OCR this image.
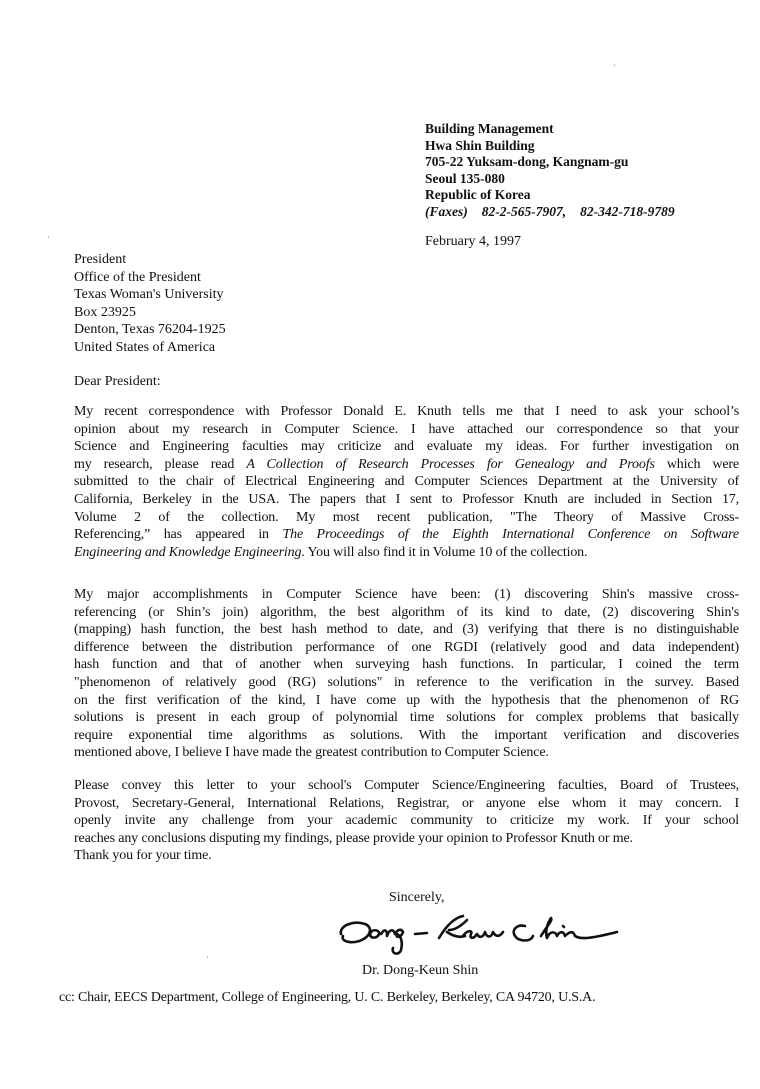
Building Management
Hwa Shin Building
705-22 Yuksam-dong, Kangnam-gu
Seoul 135-080
Republic of Korea
(Faxes) 82-2-565-7907, 82-342-718-9789
February 4, 1997
President
Office of the President
Texas Woman's University
Box 23925
Denton, Texas 76204-1925
United States of America
Dear President:
My recent correspondence with Professor Donald E. Knuth tells me that I need to ask your school’s
opinion about my research in Computer Science. I have attached our correspondence so that your
Science and Engineering faculties may criticize and evaluate my ideas. For further investigation on
my research, please read A Collection of Research Processes for Genealogy and Proofs which were
submitted to the chair of Electrical Engineering and Computer Sciences Department at the University of
California, Berkeley in the USA. The papers that I sent to Professor Knuth are included in Section 17,
Volume 2 of the collection. My most recent publication, "The Theory of Massive Cross-
Referencing,” has appeared in The Proceedings of the Eighth International Conference on Software
Engineering and Knowledge Engineering. You will also find it in Volume 10 of the collection.
My major accomplishments in Computer Science have been: (1) discovering Shin's massive cross-
referencing (or Shin’s join) algorithm, the best algorithm of its kind to date, (2) discovering Shin's
(mapping) hash function, the best hash method to date, and (3) verifying that there is no distinguishable
difference between the distribution performance of one RGDI (relatively good and data independent)
hash function and that of another when surveying hash functions. In particular, I coined the term
"phenomenon of relatively good (RG) solutions" in reference to the verification in the survey. Based
on the first verification of the kind, I have come up with the hypothesis that the phenomenon of RG
solutions is present in each group of polynomial time solutions for complex problems that basically
require exponential time algorithms as solutions. With the important verification and discoveries
mentioned above, I believe I have made the greatest contribution to Computer Science.
Please convey this letter to your school's Computer Science/Engineering faculties, Board of Trustees,
Provost, Secretary-General, International Relations, Registrar, or anyone else whom it may concern. I
openly invite any challenge from your academic community to criticize my work. If your school
reaches any conclusions disputing my findings, please provide your opinion to Professor Knuth or me.
Thank you for your time.
Sincerely,
Dr. Dong-Keun Shin
cc: Chair, EECS Department, College of Engineering, U. C. Berkeley, Berkeley, CA 94720, U.S.A.
